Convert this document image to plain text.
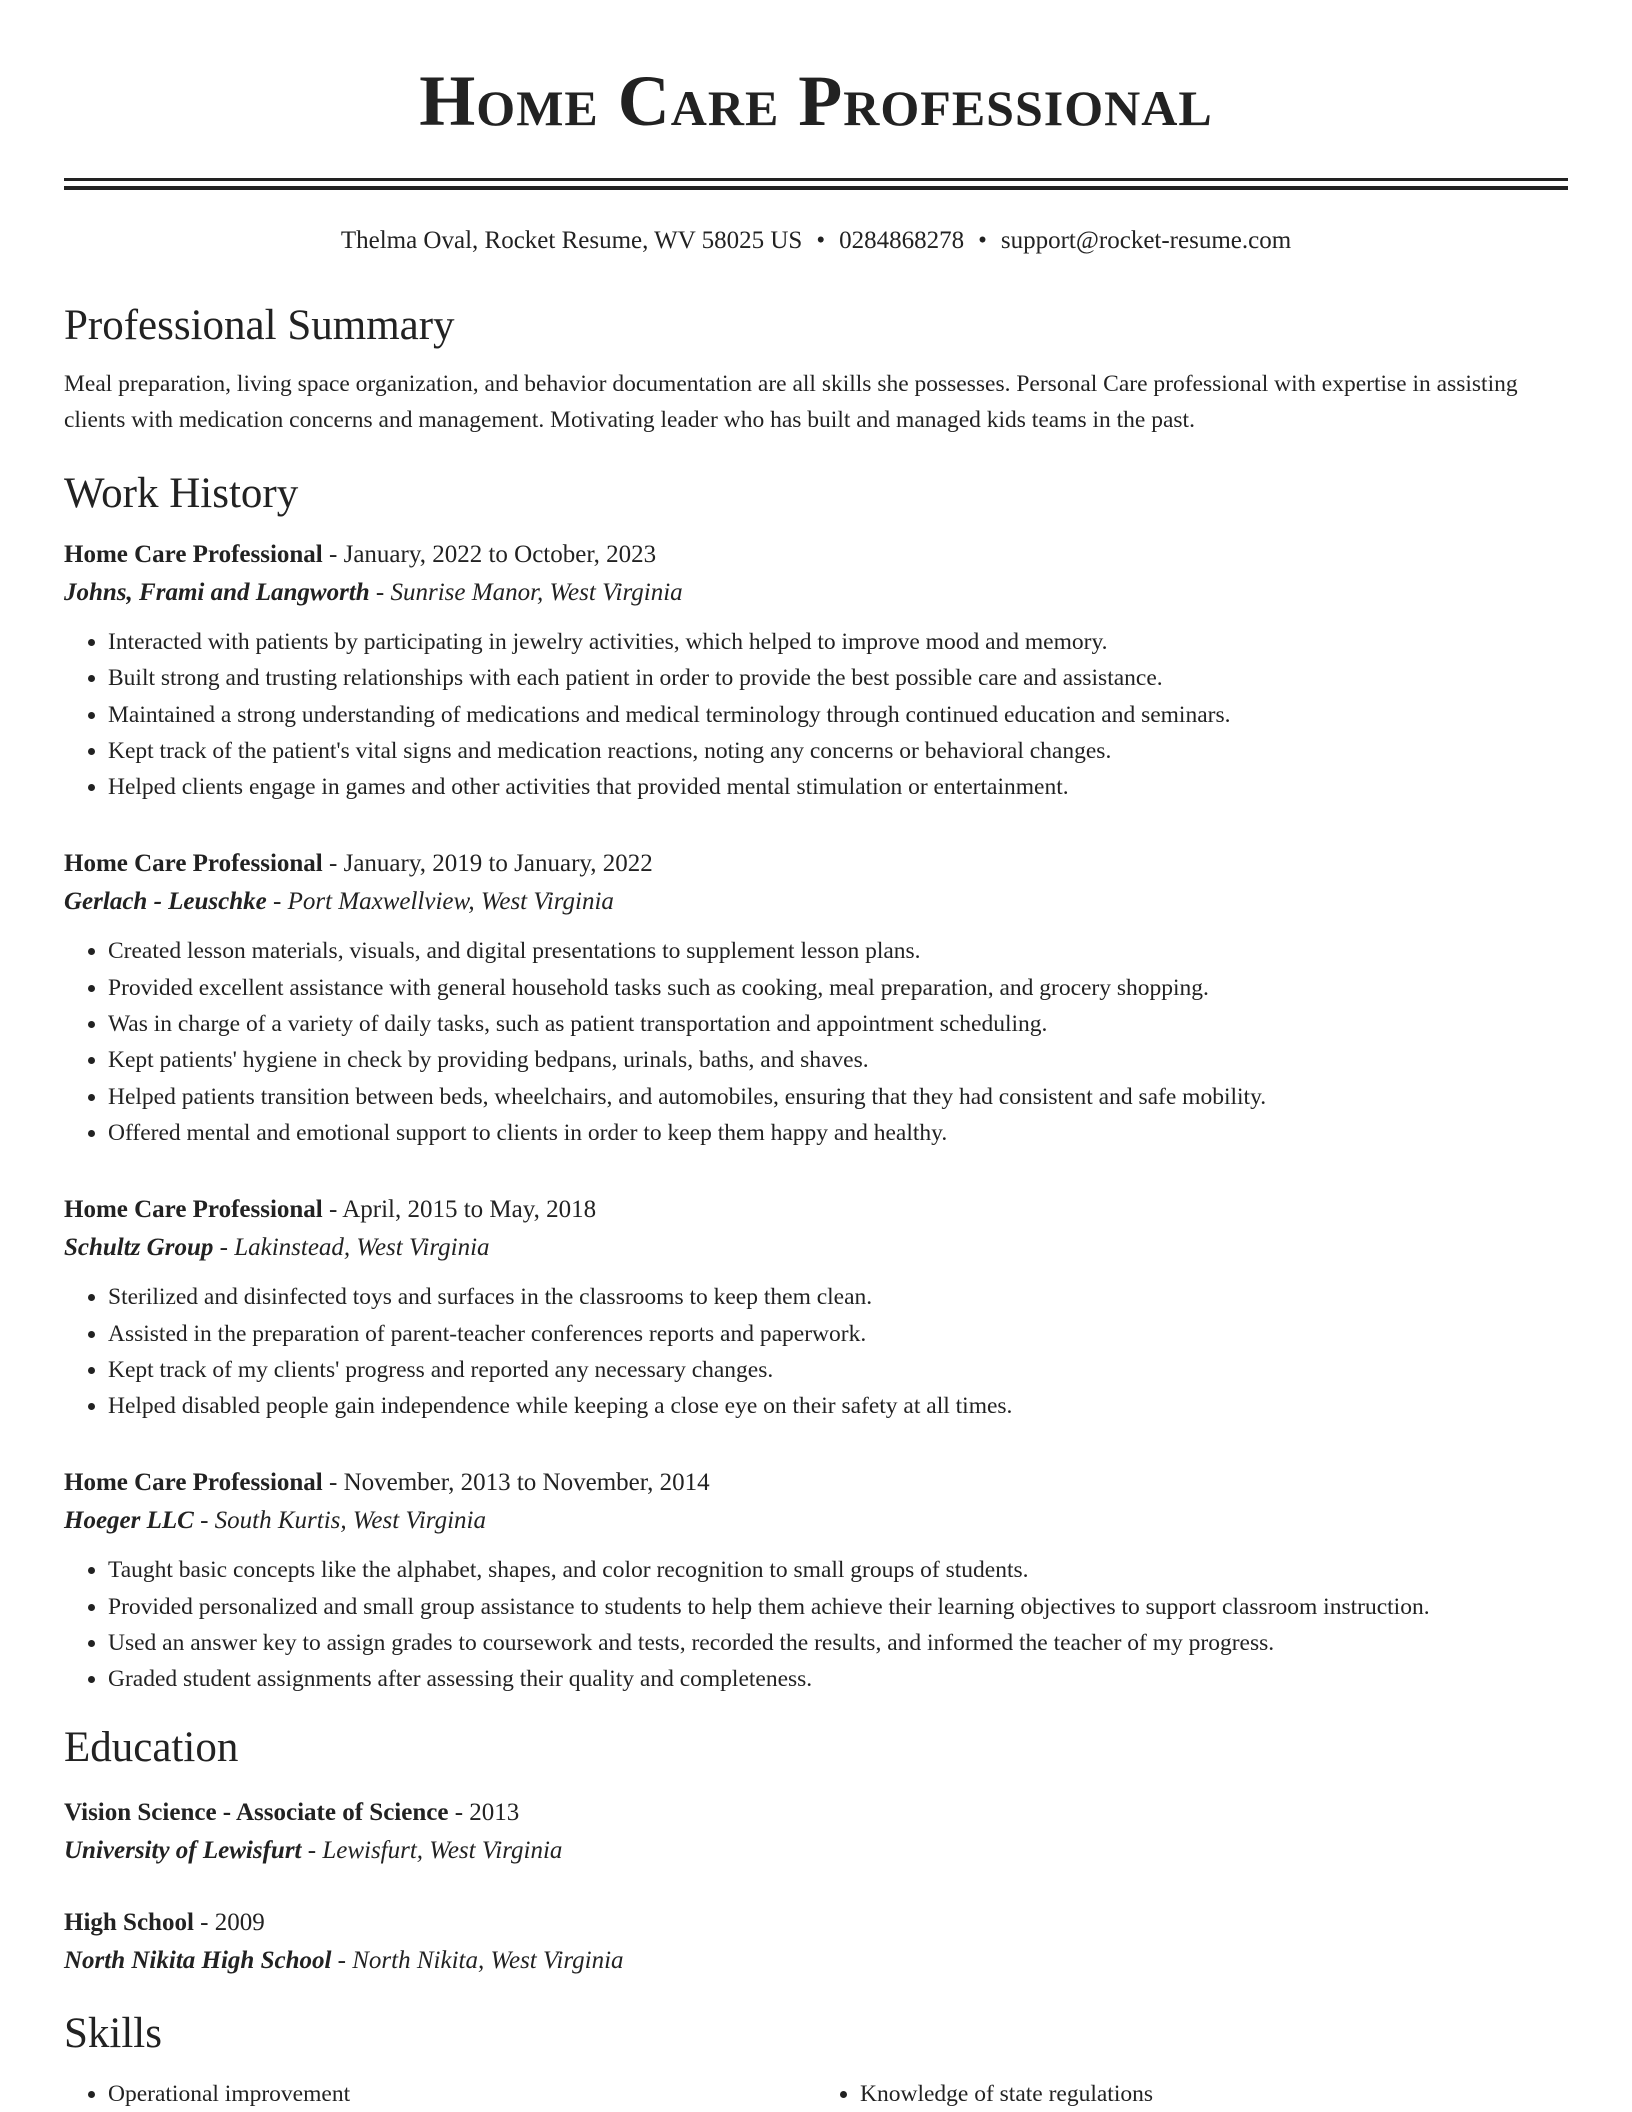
Home Care Professional
Thelma Oval, Rocket Resume, WV 58025 US • 0284868278 • support@rocket-resume.com
Professional Summary
Meal preparation, living space organization, and behavior documentation are all skills she possesses. Personal Care professional with expertise in assisting clients with medication concerns and management. Motivating leader who has built and managed kids teams in the past.
Work History
Home Care Professional - January, 2022 to October, 2023
Johns, Frami and Langworth - Sunrise Manor, West Virginia
• Interacted with patients by participating in jewelry activities, which helped to improve mood and memory.
• Built strong and trusting relationships with each patient in order to provide the best possible care and assistance.
• Maintained a strong understanding of medications and medical terminology through continued education and seminars.
• Kept track of the patient's vital signs and medication reactions, noting any concerns or behavioral changes.
• Helped clients engage in games and other activities that provided mental stimulation or entertainment.
Home Care Professional - January, 2019 to January, 2022
Gerlach - Leuschke - Port Maxwellview, West Virginia
• Created lesson materials, visuals, and digital presentations to supplement lesson plans.
• Provided excellent assistance with general household tasks such as cooking, meal preparation, and grocery shopping.
• Was in charge of a variety of daily tasks, such as patient transportation and appointment scheduling.
• Kept patients' hygiene in check by providing bedpans, urinals, baths, and shaves.
• Helped patients transition between beds, wheelchairs, and automobiles, ensuring that they had consistent and safe mobility.
• Offered mental and emotional support to clients in order to keep them happy and healthy.
Home Care Professional - April, 2015 to May, 2018
Schultz Group - Lakinstead, West Virginia
• Sterilized and disinfected toys and surfaces in the classrooms to keep them clean.
• Assisted in the preparation of parent-teacher conferences reports and paperwork.
• Kept track of my clients' progress and reported any necessary changes.
• Helped disabled people gain independence while keeping a close eye on their safety at all times.
Home Care Professional - November, 2013 to November, 2014
Hoeger LLC - South Kurtis, West Virginia
• Taught basic concepts like the alphabet, shapes, and color recognition to small groups of students.
• Provided personalized and small group assistance to students to help them achieve their learning objectives to support classroom instruction.
• Used an answer key to assign grades to coursework and tests, recorded the results, and informed the teacher of my progress.
• Graded student assignments after assessing their quality and completeness.
Education
Vision Science - Associate of Science - 2013
University of Lewisfurt - Lewisfurt, West Virginia
High School - 2009
North Nikita High School - North Nikita, West Virginia
Skills
• Operational improvement
•	Knowledge of state regulations
